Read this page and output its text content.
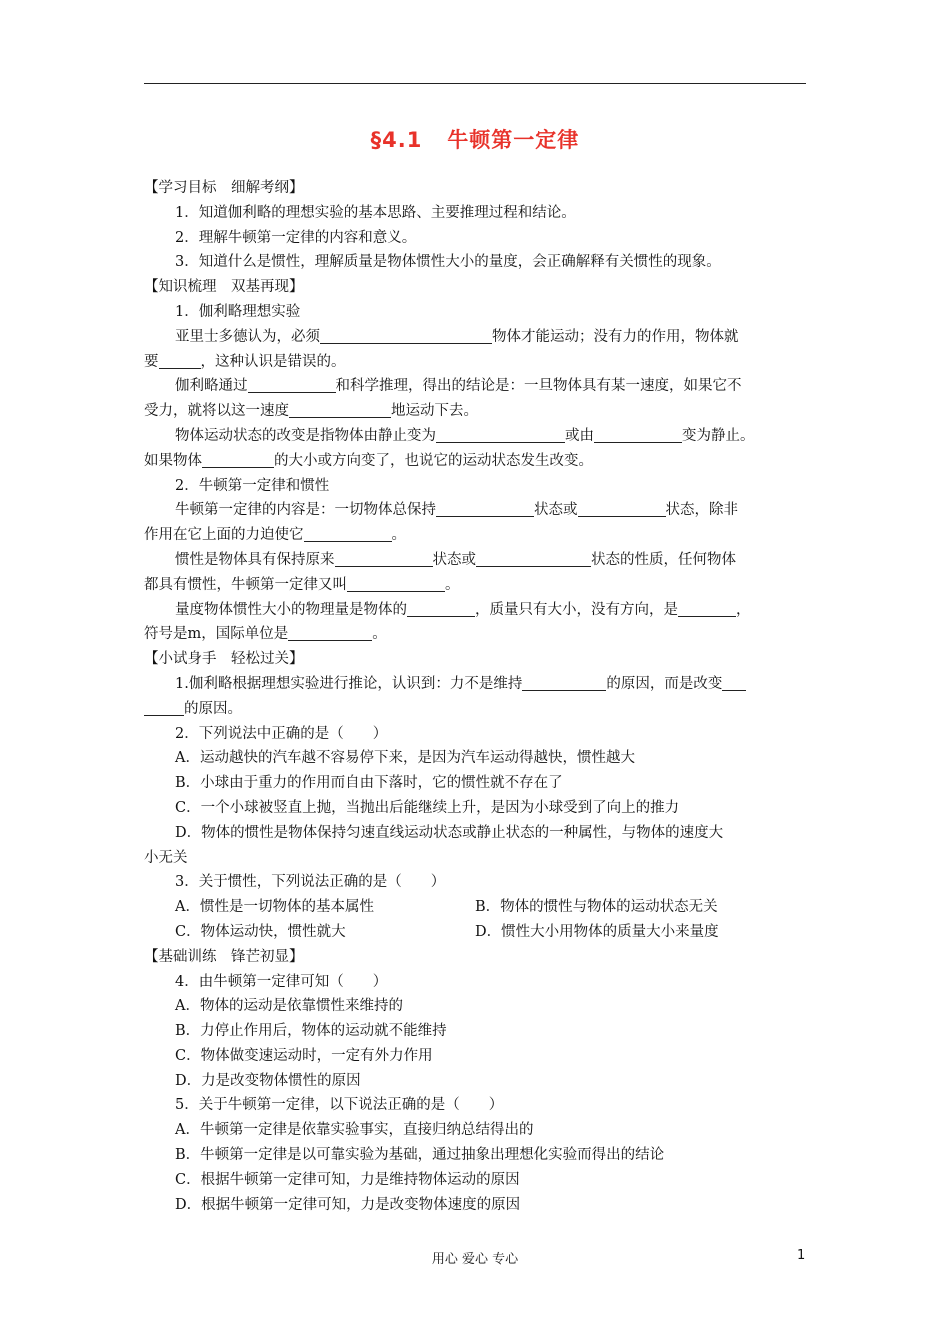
§4.1   牛顿第一定律

【学习目标　细解考纲】

1．知道伽利略的理想实验的基本思路、主要推理过程和结论。

2．理解牛顿第一定律的内容和意义。

3．知道什么是惯性，理解质量是物体惯性大小的量度，会正确解释有关惯性的现象。

【知识梳理　双基再现】

1．伽利略理想实验

亚里士多德认为，必须	物体才能运动；没有力的作用，物体就

要	，这种认识是错误的。

伽利略通过	和科学推理，得出的结论是：一旦物体具有某一速度，如果它不

受力，就将以这一速度	地运动下去。

物体运动状态的改变是指物体由静止变为	或由	变为静止。

如果物体	的大小或方向变了，也说它的运动状态发生改变。

2．牛顿第一定律和惯性

牛顿第一定律的内容是：一切物体总保持	状态或	状态，除非

作用在它上面的力迫使它	。

惯性是物体具有保持原来	状态或	状态的性质，任何物体

都具有惯性，牛顿第一定律又叫	。

量度物体惯性大小的物理量是物体的	，质量只有大小，没有方向，是	，

符号是m，国际单位是	。

【小试身手　轻松过关】

1.伽利略根据理想实验进行推论，认识到：力不是维持	的原因，而是改变

的原因。

2．下列说法中正确的是（　　）

A．运动越快的汽车越不容易停下来，是因为汽车运动得越快，惯性越大

B．小球由于重力的作用而自由下落时，它的惯性就不存在了

C．一个小球被竖直上抛，当抛出后能继续上升，是因为小球受到了向上的推力

D．物体的惯性是物体保持匀速直线运动状态或静止状态的一种属性，与物体的速度大

小无关

3．关于惯性，下列说法正确的是（　　）

A．惯性是一切物体的基本属性	B．物体的惯性与物体的运动状态无关
C．物体运动快，惯性就大	D．惯性大小用物体的质量大小来量度

【基础训练　锋芒初显】

4．由牛顿第一定律可知（　　）

A．物体的运动是依靠惯性来维持的

B．力停止作用后，物体的运动就不能维持

C．物体做变速运动时，一定有外力作用

D．力是改变物体惯性的原因

5．关于牛顿第一定律，以下说法正确的是（　　）

A．牛顿第一定律是依靠实验事实，直接归纳总结得出的

B．牛顿第一定律是以可靠实验为基础，通过抽象出理想化实验而得出的结论

C．根据牛顿第一定律可知，力是维持物体运动的原因

D．根据牛顿第一定律可知，力是改变物体速度的原因

用心 爱心 专心	1
